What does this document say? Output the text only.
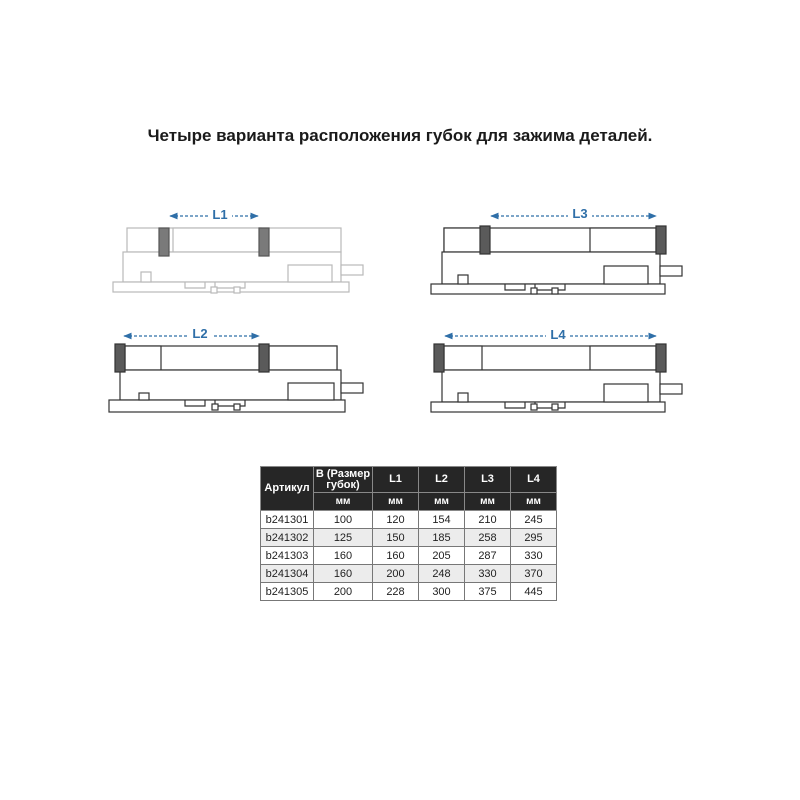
Четыре варианта расположения губок для зажима деталей.
L1
L2
L3
L4
Артикул	B (Размер губок)	L1	L2	L3	L4
	мм	мм	мм	мм	мм
b241301	100	120	154	210	245
b241302	125	150	185	258	295
b241303	160	160	205	287	330
b241304	160	200	248	330	370
b241305	200	228	300	375	445
